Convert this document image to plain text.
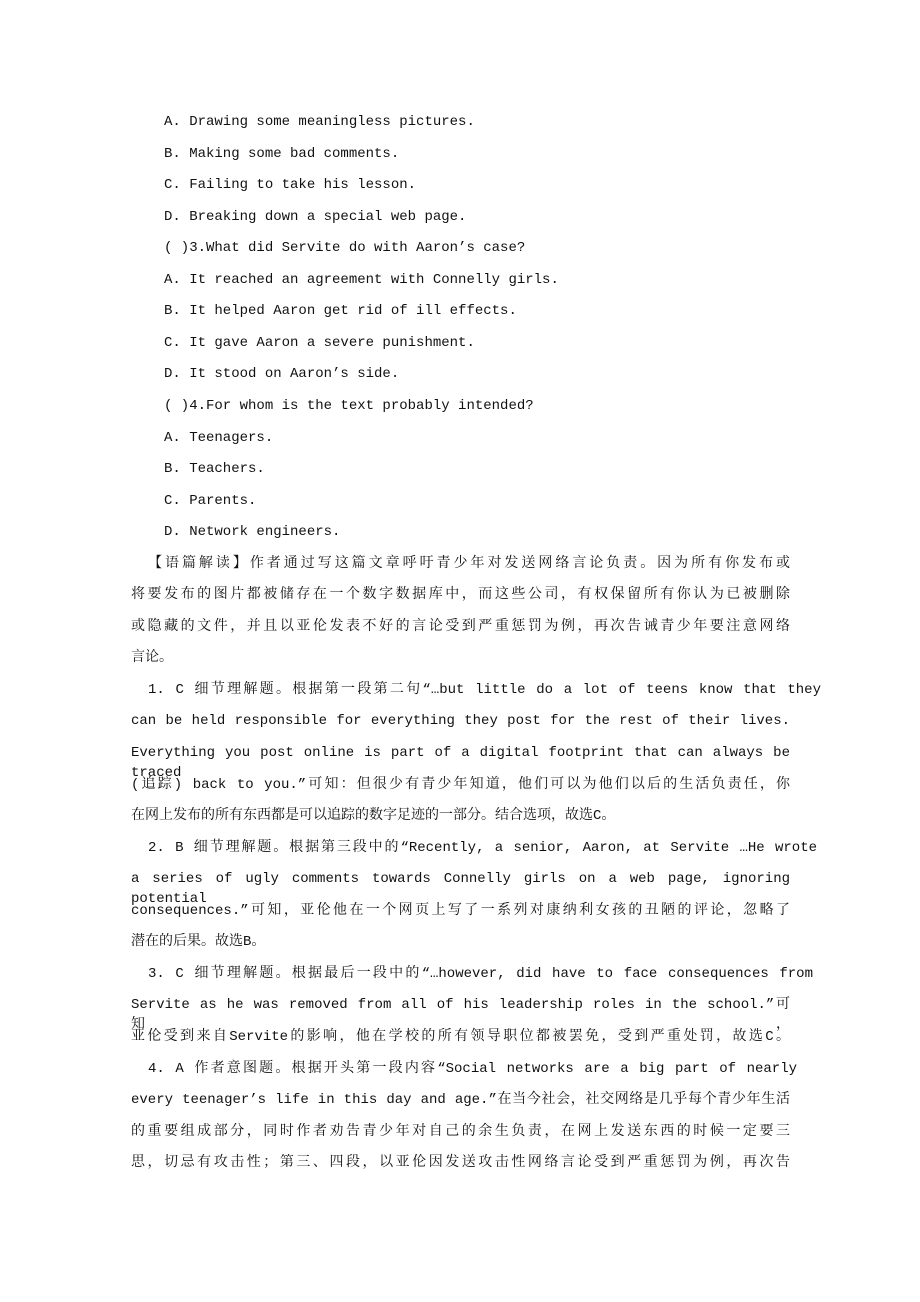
A. Drawing some meaningless pictures.
B. Making some bad comments.
C. Failing to take his lesson.
D. Breaking down a special web page.
( )3.What did Servite do with Aaron’s case?
A. It reached an agreement with Connelly girls.
B. It helped Aaron get rid of ill effects.
C. It gave Aaron a severe punishment.
D. It stood on Aaron’s side.
( )4.For whom is the text probably intended?
A. Teenagers.
B. Teachers.
C. Parents.
D. Network engineers.
【语篇解读】作者通过写这篇文章呼吁青少年对发送网络言论负责。因为所有你发布或
将要发布的图片都被储存在一个数字数据库中，而这些公司，有权保留所有你认为已被删除
或隐藏的文件，并且以亚伦发表不好的言论受到严重惩罚为例，再次告诫青少年要注意网络
言论。
1. C 细节理解题。根据第一段第二句“…but little do a lot of teens know that they
can be held responsible for everything they post for the rest of their lives.
Everything you post online is part of a digital footprint that can always be traced
(追踪) back to you.”可知：但很少有青少年知道，他们可以为他们以后的生活负责任，你
在网上发布的所有东西都是可以追踪的数字足迹的一部分。结合选项，故选C。
2. B 细节理解题。根据第三段中的“Recently, a senior, Aaron, at Servite …He wrote
a series of ugly comments towards Connelly girls on a web page, ignoring potential
consequences.”可知，亚伦他在一个网页上写了一系列对康纳利女孩的丑陋的评论，忽略了
潜在的后果。故选B。
3. C 细节理解题。根据最后一段中的“…however, did have to face consequences from
Servite as he was removed from all of his leadership roles in the school.”可知，
亚伦受到来自Servite的影响，他在学校的所有领导职位都被罢免，受到严重处罚，故选C。
4. A 作者意图题。根据开头第一段内容“Social networks are a big part of nearly
every teenager’s life in this day and age.”在当今社会，社交网络是几乎每个青少年生活
的重要组成部分，同时作者劝告青少年对自己的余生负责，在网上发送东西的时候一定要三
思，切忌有攻击性；第三、四段，以亚伦因发送攻击性网络言论受到严重惩罚为例，再次告
